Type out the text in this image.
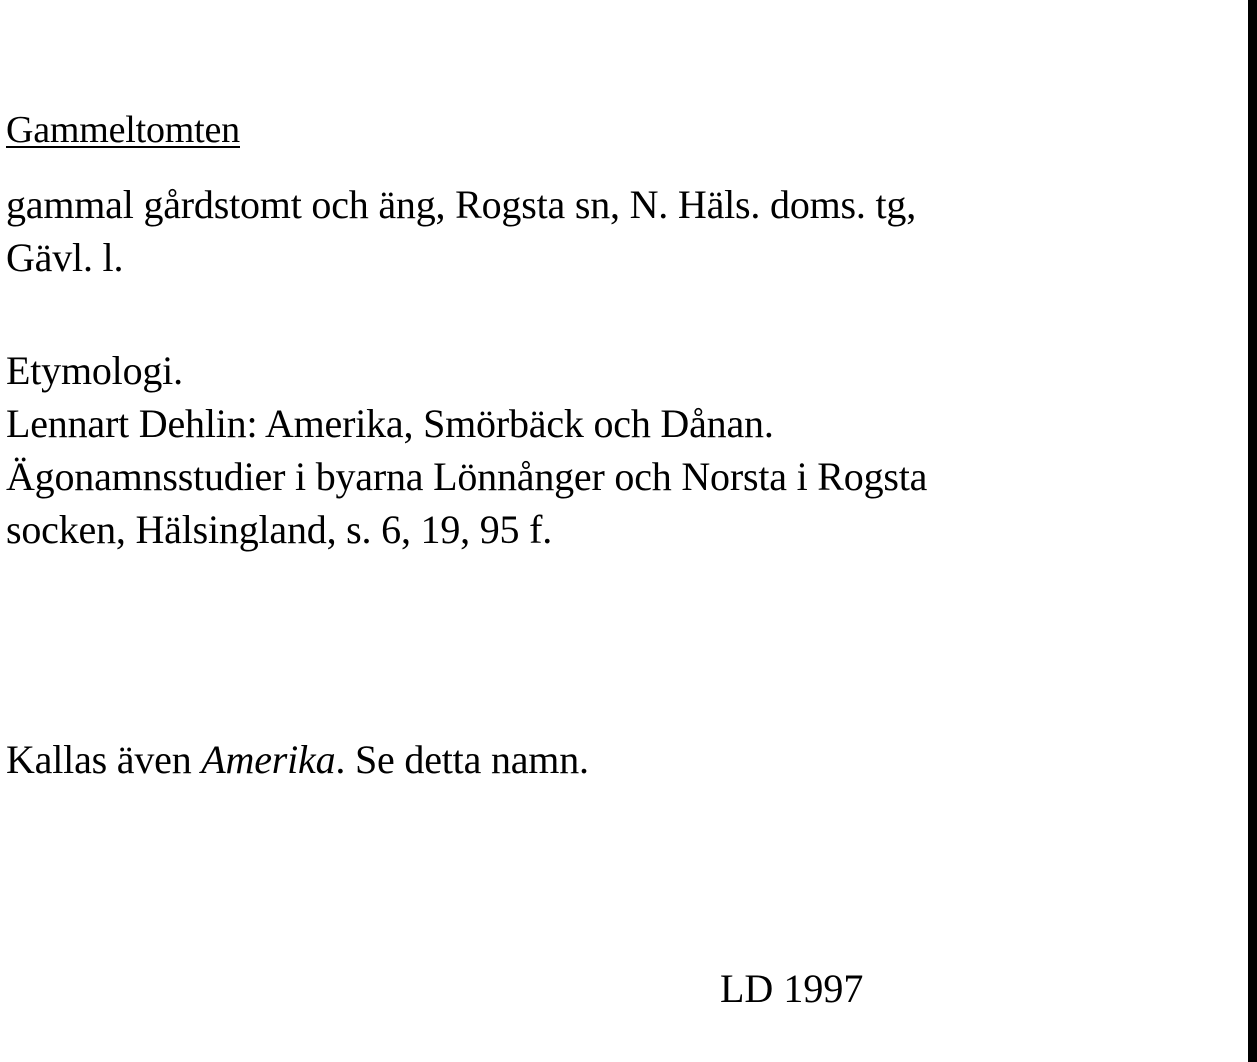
Gammeltomten

gammal gårdstomt och äng, Rogsta sn, N. Häls. doms. tg,
Gävl. l.

Etymologi.
Lennart Dehlin: Amerika, Smörbäck och Dånan.
Ägonamnsstudier i byarna Lönnånger och Norsta i Rogsta
socken, Hälsingland, s. 6, 19, 95 f.

Kallas även Amerika. Se detta namn.

LD 1997
